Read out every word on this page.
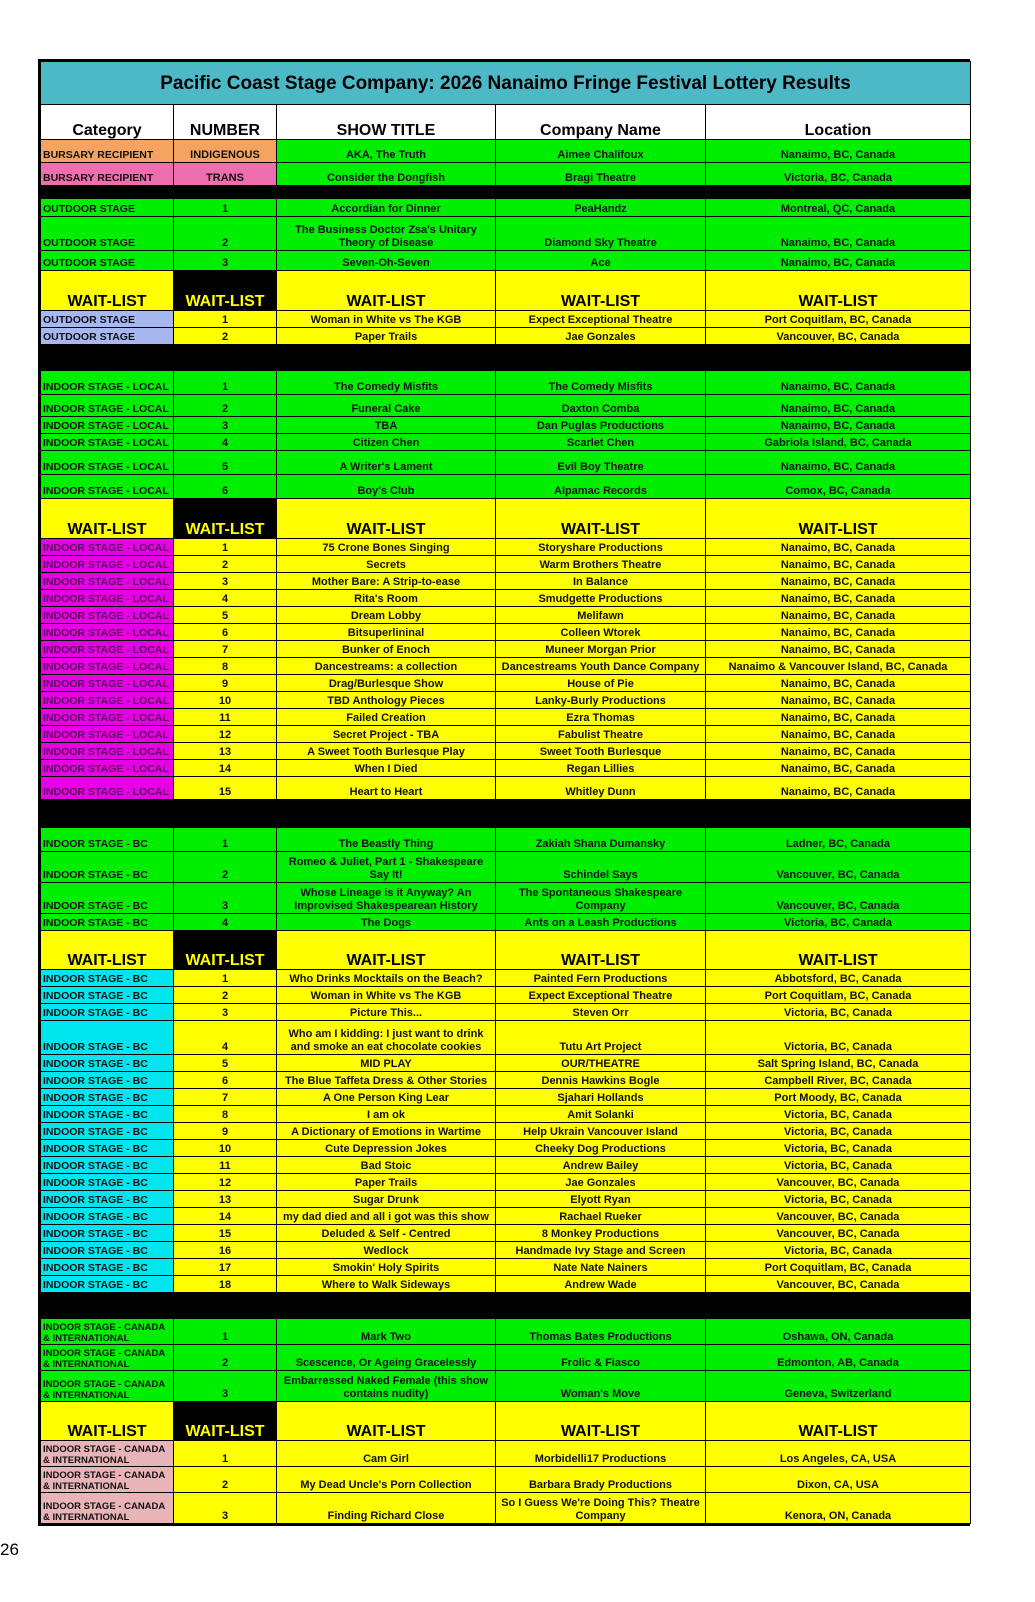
Pacific Coast Stage Company: 2026 Nanaimo Fringe Festival Lottery Results				
Category	NUMBER	SHOW TITLE	Company Name	Location
BURSARY RECIPIENT	INDIGENOUS	AKA, The Truth	Aimee Chalifoux	Nanaimo, BC, Canada
BURSARY RECIPIENT	TRANS	Consider the Dongfish	Bragi Theatre	Victoria, BC, Canada

OUTDOOR STAGE	1	Accordian for Dinner	PeaHandz	Montreal, QC, Canada
OUTDOOR STAGE	2	The Business Doctor Zsa's Unitary Theory of Disease	Diamond Sky Theatre	Nanaimo, BC, Canada
OUTDOOR STAGE	3	Seven-Oh-Seven	Ace	Nanaimo, BC, Canada
WAIT-LIST	WAIT-LIST	WAIT-LIST	WAIT-LIST	WAIT-LIST
OUTDOOR STAGE	1	Woman in White vs The KGB	Expect Exceptional Theatre	Port Coquitlam, BC, Canada
OUTDOOR STAGE	2	Paper Trails	Jae Gonzales	Vancouver, BC, Canada

INDOOR STAGE - LOCAL	1	The Comedy Misfits	The Comedy Misfits	Nanaimo, BC, Canada
INDOOR STAGE - LOCAL	2	Funeral Cake	Daxton Comba	Nanaimo, BC, Canada
INDOOR STAGE - LOCAL	3	TBA	Dan Puglas Productions	Nanaimo, BC, Canada
INDOOR STAGE - LOCAL	4	Citizen Chen	Scarlet Chen	Gabriola Island, BC, Canada
INDOOR STAGE - LOCAL	5	A Writer's Lament	Evil Boy Theatre	Nanaimo, BC, Canada
INDOOR STAGE - LOCAL	6	Boy's Club	Alpamac Records	Comox, BC, Canada
WAIT-LIST	WAIT-LIST	WAIT-LIST	WAIT-LIST	WAIT-LIST
INDOOR STAGE - LOCAL	1	75 Crone Bones Singing	Storyshare Productions	Nanaimo, BC, Canada
INDOOR STAGE - LOCAL	2	Secrets	Warm Brothers Theatre	Nanaimo, BC, Canada
INDOOR STAGE - LOCAL	3	Mother Bare: A Strip-to-ease	In Balance	Nanaimo, BC, Canada
INDOOR STAGE - LOCAL	4	Rita's Room	Smudgette Productions	Nanaimo, BC, Canada
INDOOR STAGE - LOCAL	5	Dream Lobby	Melifawn	Nanaimo, BC, Canada
INDOOR STAGE - LOCAL	6	Bitsuperlininal	Colleen Wtorek	Nanaimo, BC, Canada
INDOOR STAGE - LOCAL	7	Bunker of Enoch	Muneer Morgan Prior	Nanaimo, BC, Canada
INDOOR STAGE - LOCAL	8	Dancestreams: a collection	Dancestreams Youth Dance Company	Nanaimo & Vancouver Island, BC, Canada
INDOOR STAGE - LOCAL	9	Drag/Burlesque Show	House of Pie	Nanaimo, BC, Canada
INDOOR STAGE - LOCAL	10	TBD Anthology Pieces	Lanky-Burly Productions	Nanaimo, BC, Canada
INDOOR STAGE - LOCAL	11	Failed Creation	Ezra Thomas	Nanaimo, BC, Canada
INDOOR STAGE - LOCAL	12	Secret Project - TBA	Fabulist Theatre	Nanaimo, BC, Canada
INDOOR STAGE - LOCAL	13	A Sweet Tooth Burlesque Play	Sweet Tooth Burlesque	Nanaimo, BC, Canada
INDOOR STAGE - LOCAL	14	When I Died	Regan Lillies	Nanaimo, BC, Canada
INDOOR STAGE - LOCAL	15	Heart to Heart	Whitley Dunn	Nanaimo, BC, Canada

INDOOR STAGE - BC	1	The Beastly Thing	Zakiah Shana Dumansky	Ladner, BC, Canada
INDOOR STAGE - BC	2	Romeo & Juliet, Part 1 - Shakespeare Say It!	Schindel Says	Vancouver, BC, Canada
INDOOR STAGE - BC	3	Whose Lineage is it Anyway? An Improvised Shakespearean History	The Spontaneous Shakespeare Company	Vancouver, BC, Canada
INDOOR STAGE - BC	4	The Dogs	Ants on a Leash Productions	Victoria, BC, Canada
WAIT-LIST	WAIT-LIST	WAIT-LIST	WAIT-LIST	WAIT-LIST
INDOOR STAGE - BC	1	Who Drinks Mocktails on the Beach?	Painted Fern Productions	Abbotsford, BC, Canada
INDOOR STAGE - BC	2	Woman in White vs The KGB	Expect Exceptional Theatre	Port Coquitlam, BC, Canada
INDOOR STAGE - BC	3	Picture This...	Steven Orr	Victoria, BC, Canada
INDOOR STAGE - BC	4	Who am I kidding: I just want to drink and smoke an eat chocolate cookies	Tutu Art Project	Victoria, BC, Canada
INDOOR STAGE - BC	5	MID PLAY	OUR/THEATRE	Salt Spring Island, BC, Canada
INDOOR STAGE - BC	6	The Blue Taffeta Dress & Other Stories	Dennis Hawkins Bogle	Campbell River, BC, Canada
INDOOR STAGE - BC	7	A One Person King Lear	Sjahari Hollands	Port Moody, BC, Canada
INDOOR STAGE - BC	8	I am ok	Amit Solanki	Victoria, BC, Canada
INDOOR STAGE - BC	9	A Dictionary of Emotions in Wartime	Help Ukrain Vancouver Island	Victoria, BC, Canada
INDOOR STAGE - BC	10	Cute Depression Jokes	Cheeky Dog Productions	Victoria, BC, Canada
INDOOR STAGE - BC	11	Bad Stoic	Andrew Bailey	Victoria, BC, Canada
INDOOR STAGE - BC	12	Paper Trails	Jae Gonzales	Vancouver, BC, Canada
INDOOR STAGE - BC	13	Sugar Drunk	Elyott Ryan	Victoria, BC, Canada
INDOOR STAGE - BC	14	my dad died and all i got was this show	Rachael Rueker	Vancouver, BC, Canada
INDOOR STAGE - BC	15	Deluded & Self - Centred	8 Monkey Productions	Vancouver, BC, Canada
INDOOR STAGE - BC	16	Wedlock	Handmade Ivy Stage and Screen	Victoria, BC, Canada
INDOOR STAGE - BC	17	Smokin' Holy Spirits	Nate Nate Nainers	Port Coquitlam, BC, Canada
INDOOR STAGE - BC	18	Where to Walk Sideways	Andrew Wade	Vancouver, BC, Canada

INDOOR STAGE - CANADA & INTERNATIONAL	1	Mark Two	Thomas Bates Productions	Oshawa, ON, Canada
INDOOR STAGE - CANADA & INTERNATIONAL	2	Scescence, Or Ageing Gracelessly	Frolic & Fiasco	Edmonton, AB, Canada
INDOOR STAGE - CANADA & INTERNATIONAL	3	Embarressed Naked Female (this show contains nudity)	Woman's Move	Geneva, Switzerland
WAIT-LIST	WAIT-LIST	WAIT-LIST	WAIT-LIST	WAIT-LIST
INDOOR STAGE - CANADA & INTERNATIONAL	1	Cam Girl	Morbidelli17 Productions	Los Angeles, CA, USA
INDOOR STAGE - CANADA & INTERNATIONAL	2	My Dead Uncle's Porn Collection	Barbara Brady Productions	Dixon, CA, USA
INDOOR STAGE - CANADA & INTERNATIONAL	3	Finding Richard Close	So I Guess We're Doing This? Theatre Company	Kenora, ON, Canada
26
